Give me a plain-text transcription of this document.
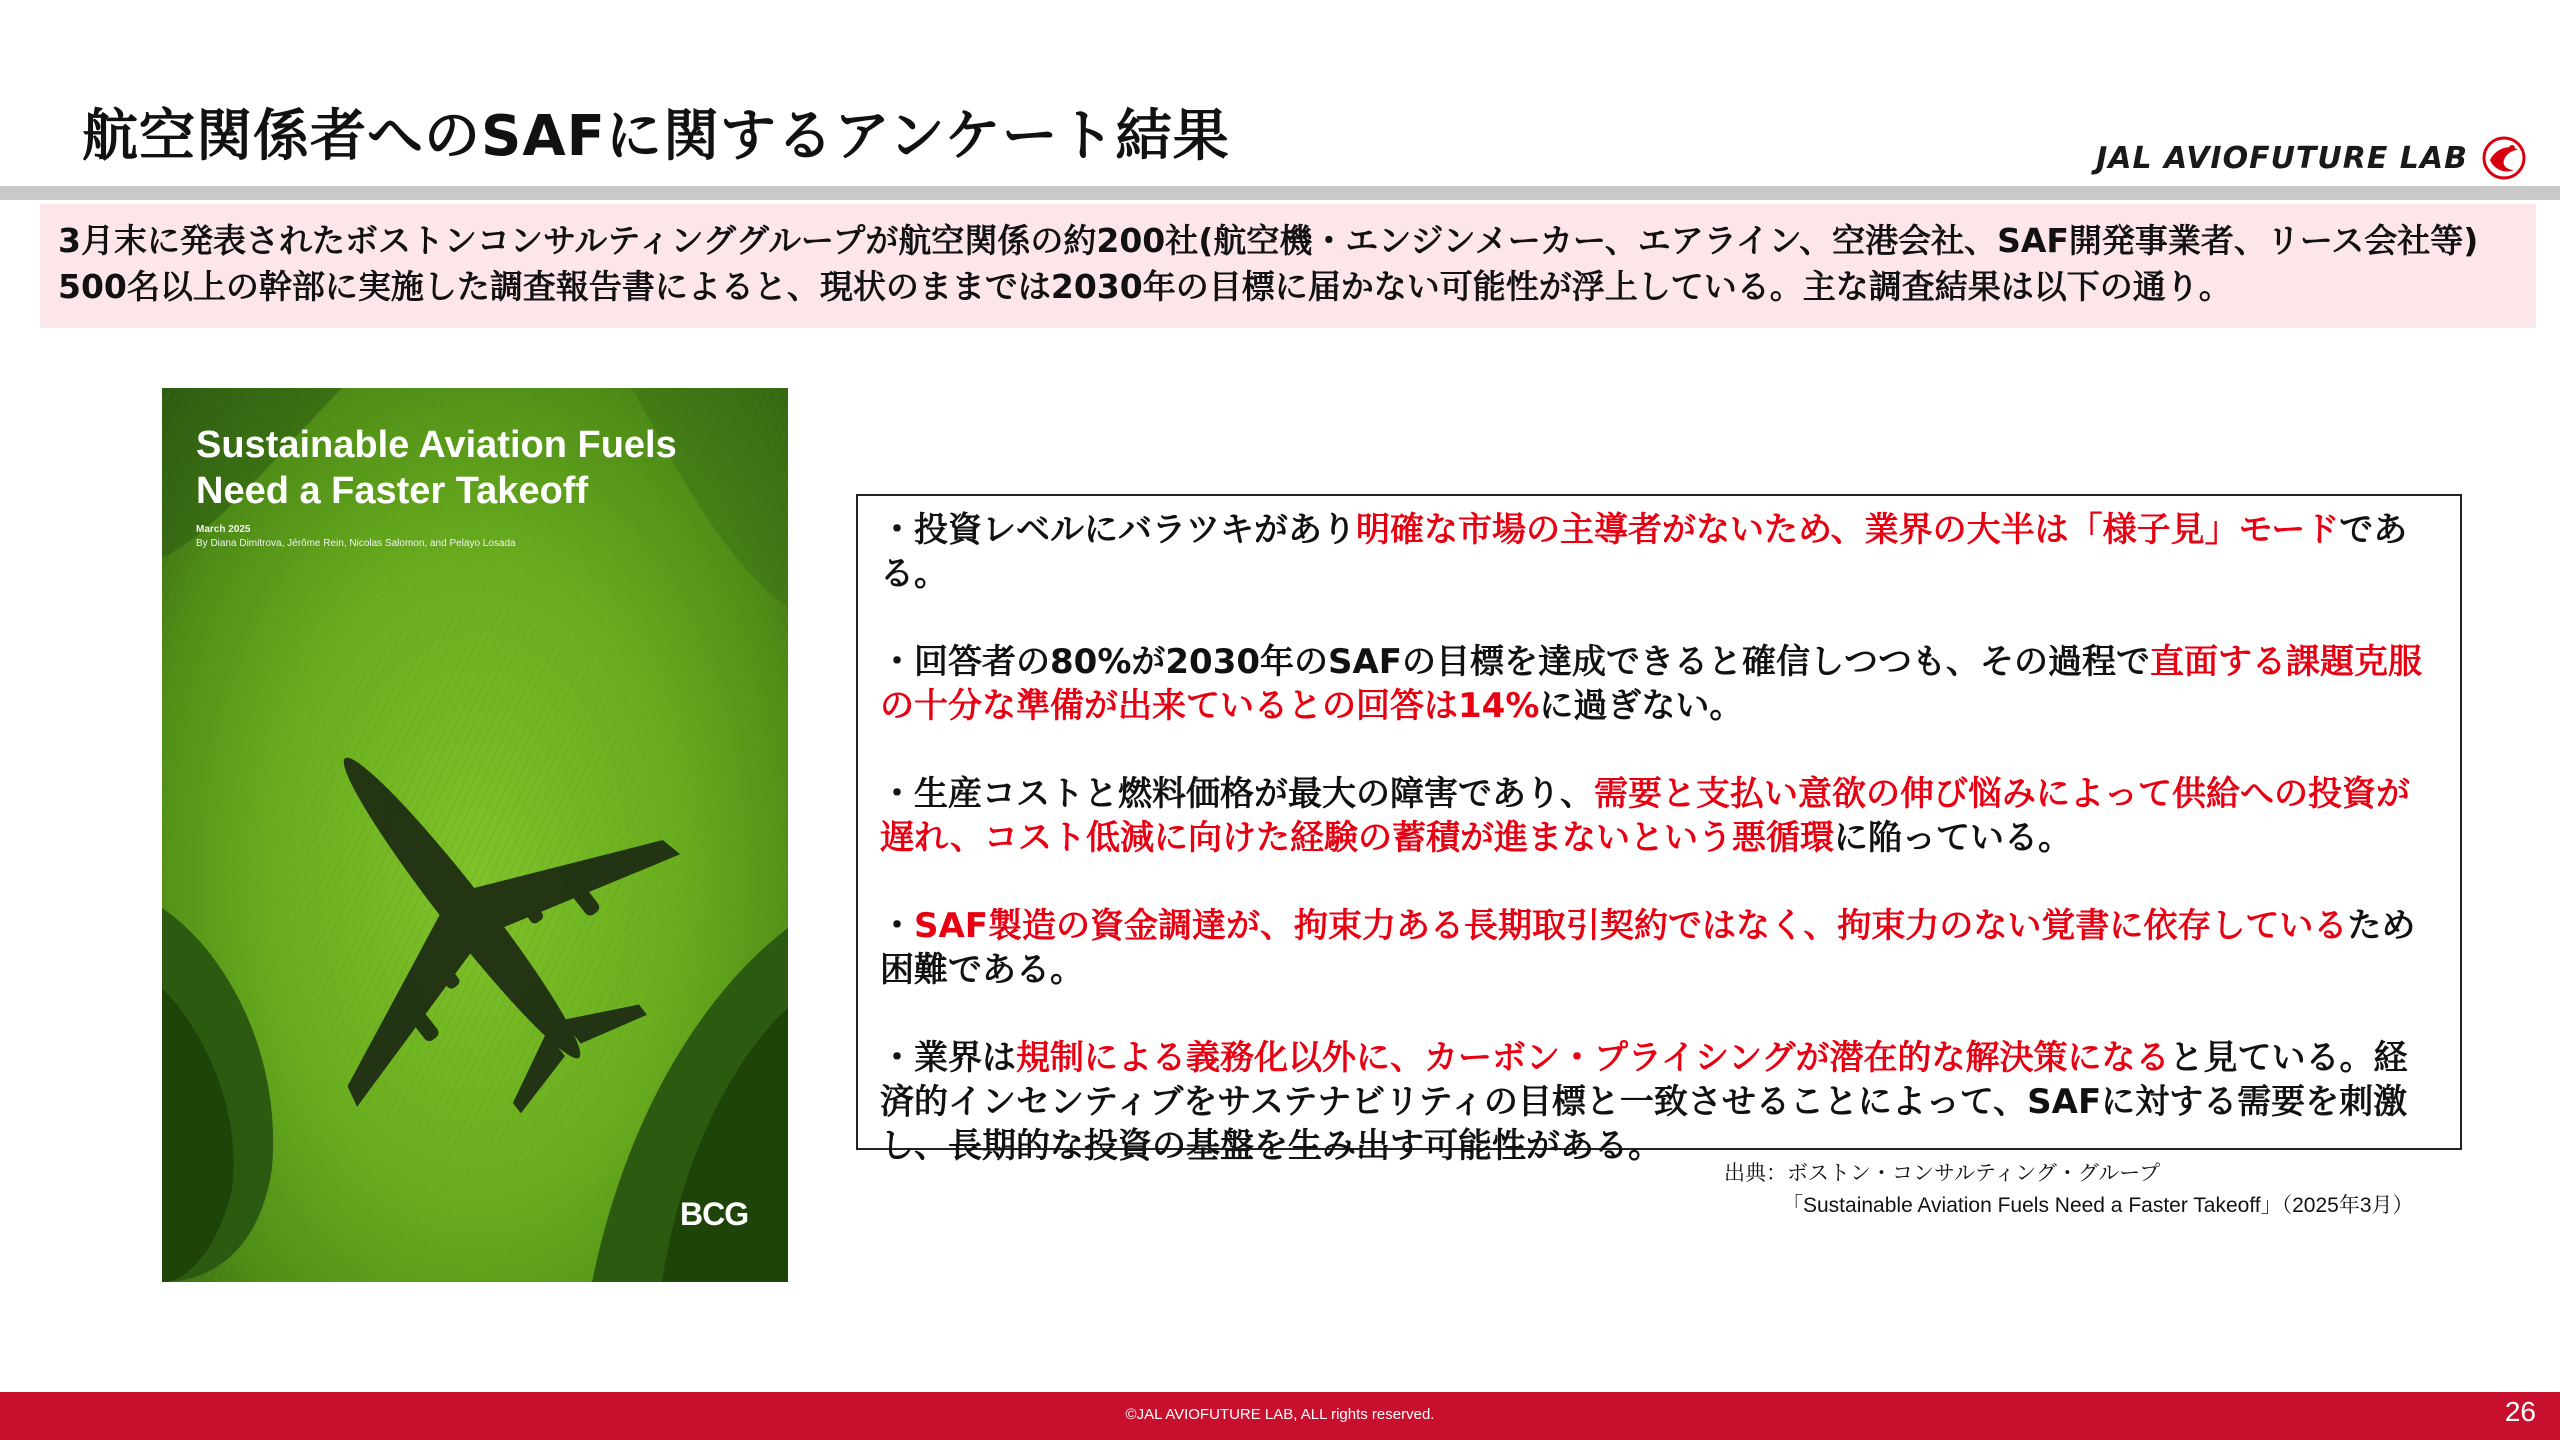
航空関係者へのSAFに関するアンケート結果	JAL AVIOFUTURE LAB
3月末に発表されたボストンコンサルティンググループが航空関係の約200社(航空機・エンジンメーカー、エアライン、空港会社、SAF開発事業者、リース会社等)
500名以上の幹部に実施した調査報告書によると、現状のままでは2030年の目標に届かない可能性が浮上している。主な調査結果は以下の通り。
Sustainable Aviation Fuels
Need a Faster Takeoff
March 2025
By Diana Dimitrova, Jérôme Rein, Nicolas Salomon, and Pelayo Losada
BCG
・投資レベルにバラツキがあり明確な市場の主導者がないため、業界の大半は「様子見」モードである。
・回答者の80%が2030年のSAFの目標を達成できると確信しつつも、その過程で直面する課題克服の十分な準備が出来ているとの回答は14%に過ぎない。
・生産コストと燃料価格が最大の障害であり、需要と支払い意欲の伸び悩みによって供給への投資が遅れ、コスト低減に向けた経験の蓄積が進まないという悪循環に陥っている。
・SAF製造の資金調達が、拘束力ある長期取引契約ではなく、拘束力のない覚書に依存しているため困難である。
・業界は規制による義務化以外に、カーボン・プライシングが潜在的な解決策になると見ている。経済的インセンティブをサステナビリティの目標と一致させることによって、SAFに対する需要を刺激し、長期的な投資の基盤を生み出す可能性がある。
出典：ボストン・コンサルティング・グループ
「Sustainable Aviation Fuels Need a Faster Takeoff」（2025年3月）
©JAL AVIOFUTURE LAB, ALL rights reserved.	26
